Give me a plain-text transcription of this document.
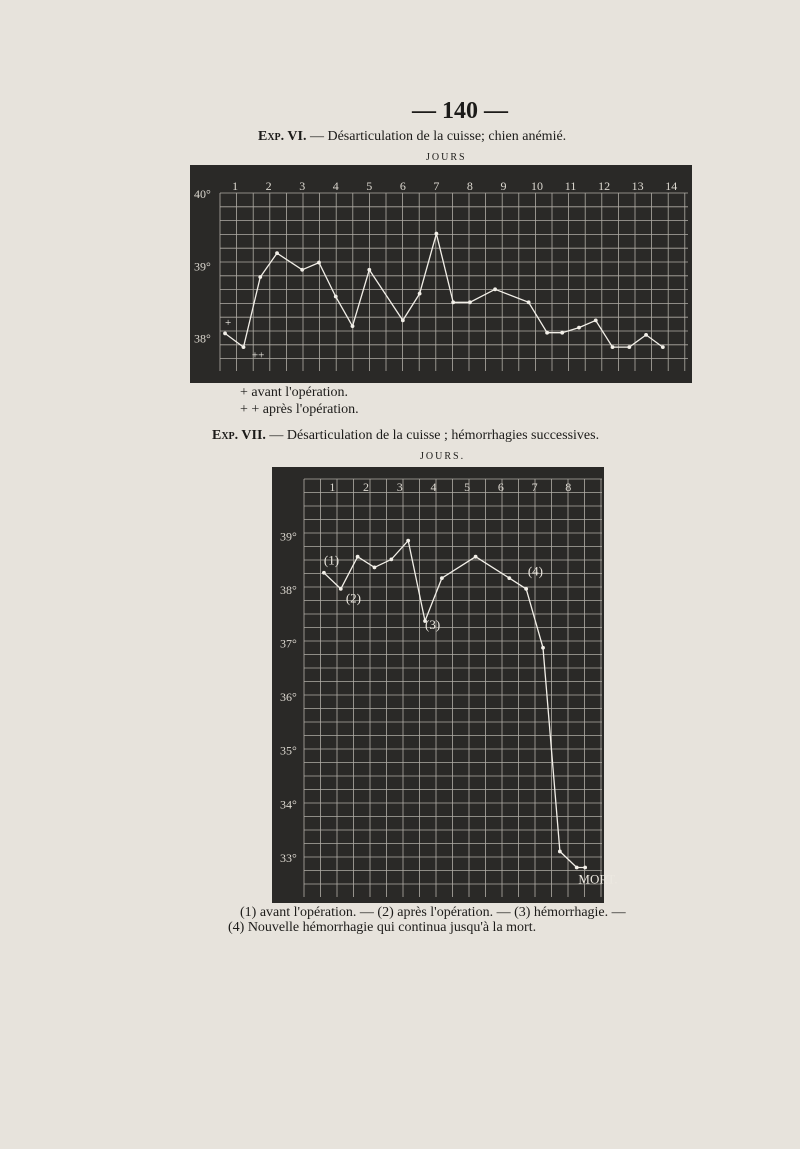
— 140 —
Exp. VI. — Désarticulation de la cuisse; chien anémié.
JOURS
1 2 3 4 5 6 7 8 9 10 11 12 13 14
40°
39°
38°
+
++
+ avant l'opération.
+ + après l'opération.
Exp. VII. — Désarticulation de la cuisse ; hémorrhagies successives.
JOURS.
1 2 3 4 5 6 7 8
39°
38°
37°
36°
35°
34°
33°
(1)
(2)
(3)
(4)
MORT.
(1) avant l'opération. — (2) après l'opération. — (3) hémorrhagie. —
(4) Nouvelle hémorrhagie qui continua jusqu'à la mort.
